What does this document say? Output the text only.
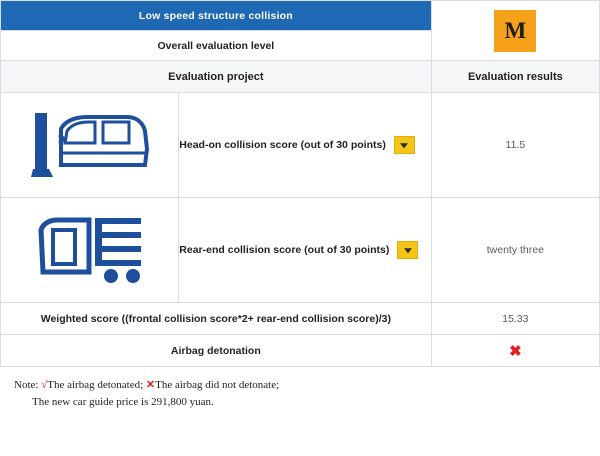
Low speed structure collision		M
Overall evaluation level		
Evaluation project		Evaluation results

Head-on collision score (out of 30 points)	11.5

Rear-end collision score (out of 30 points)	twenty three
Weighted score ((frontal collision score*2+ rear-end collision score)/3)		15.33
Airbag detonation		✖
Note: √The airbag detonated; ✕The airbag did not detonate;
The new car guide price is 291,800 yuan.
